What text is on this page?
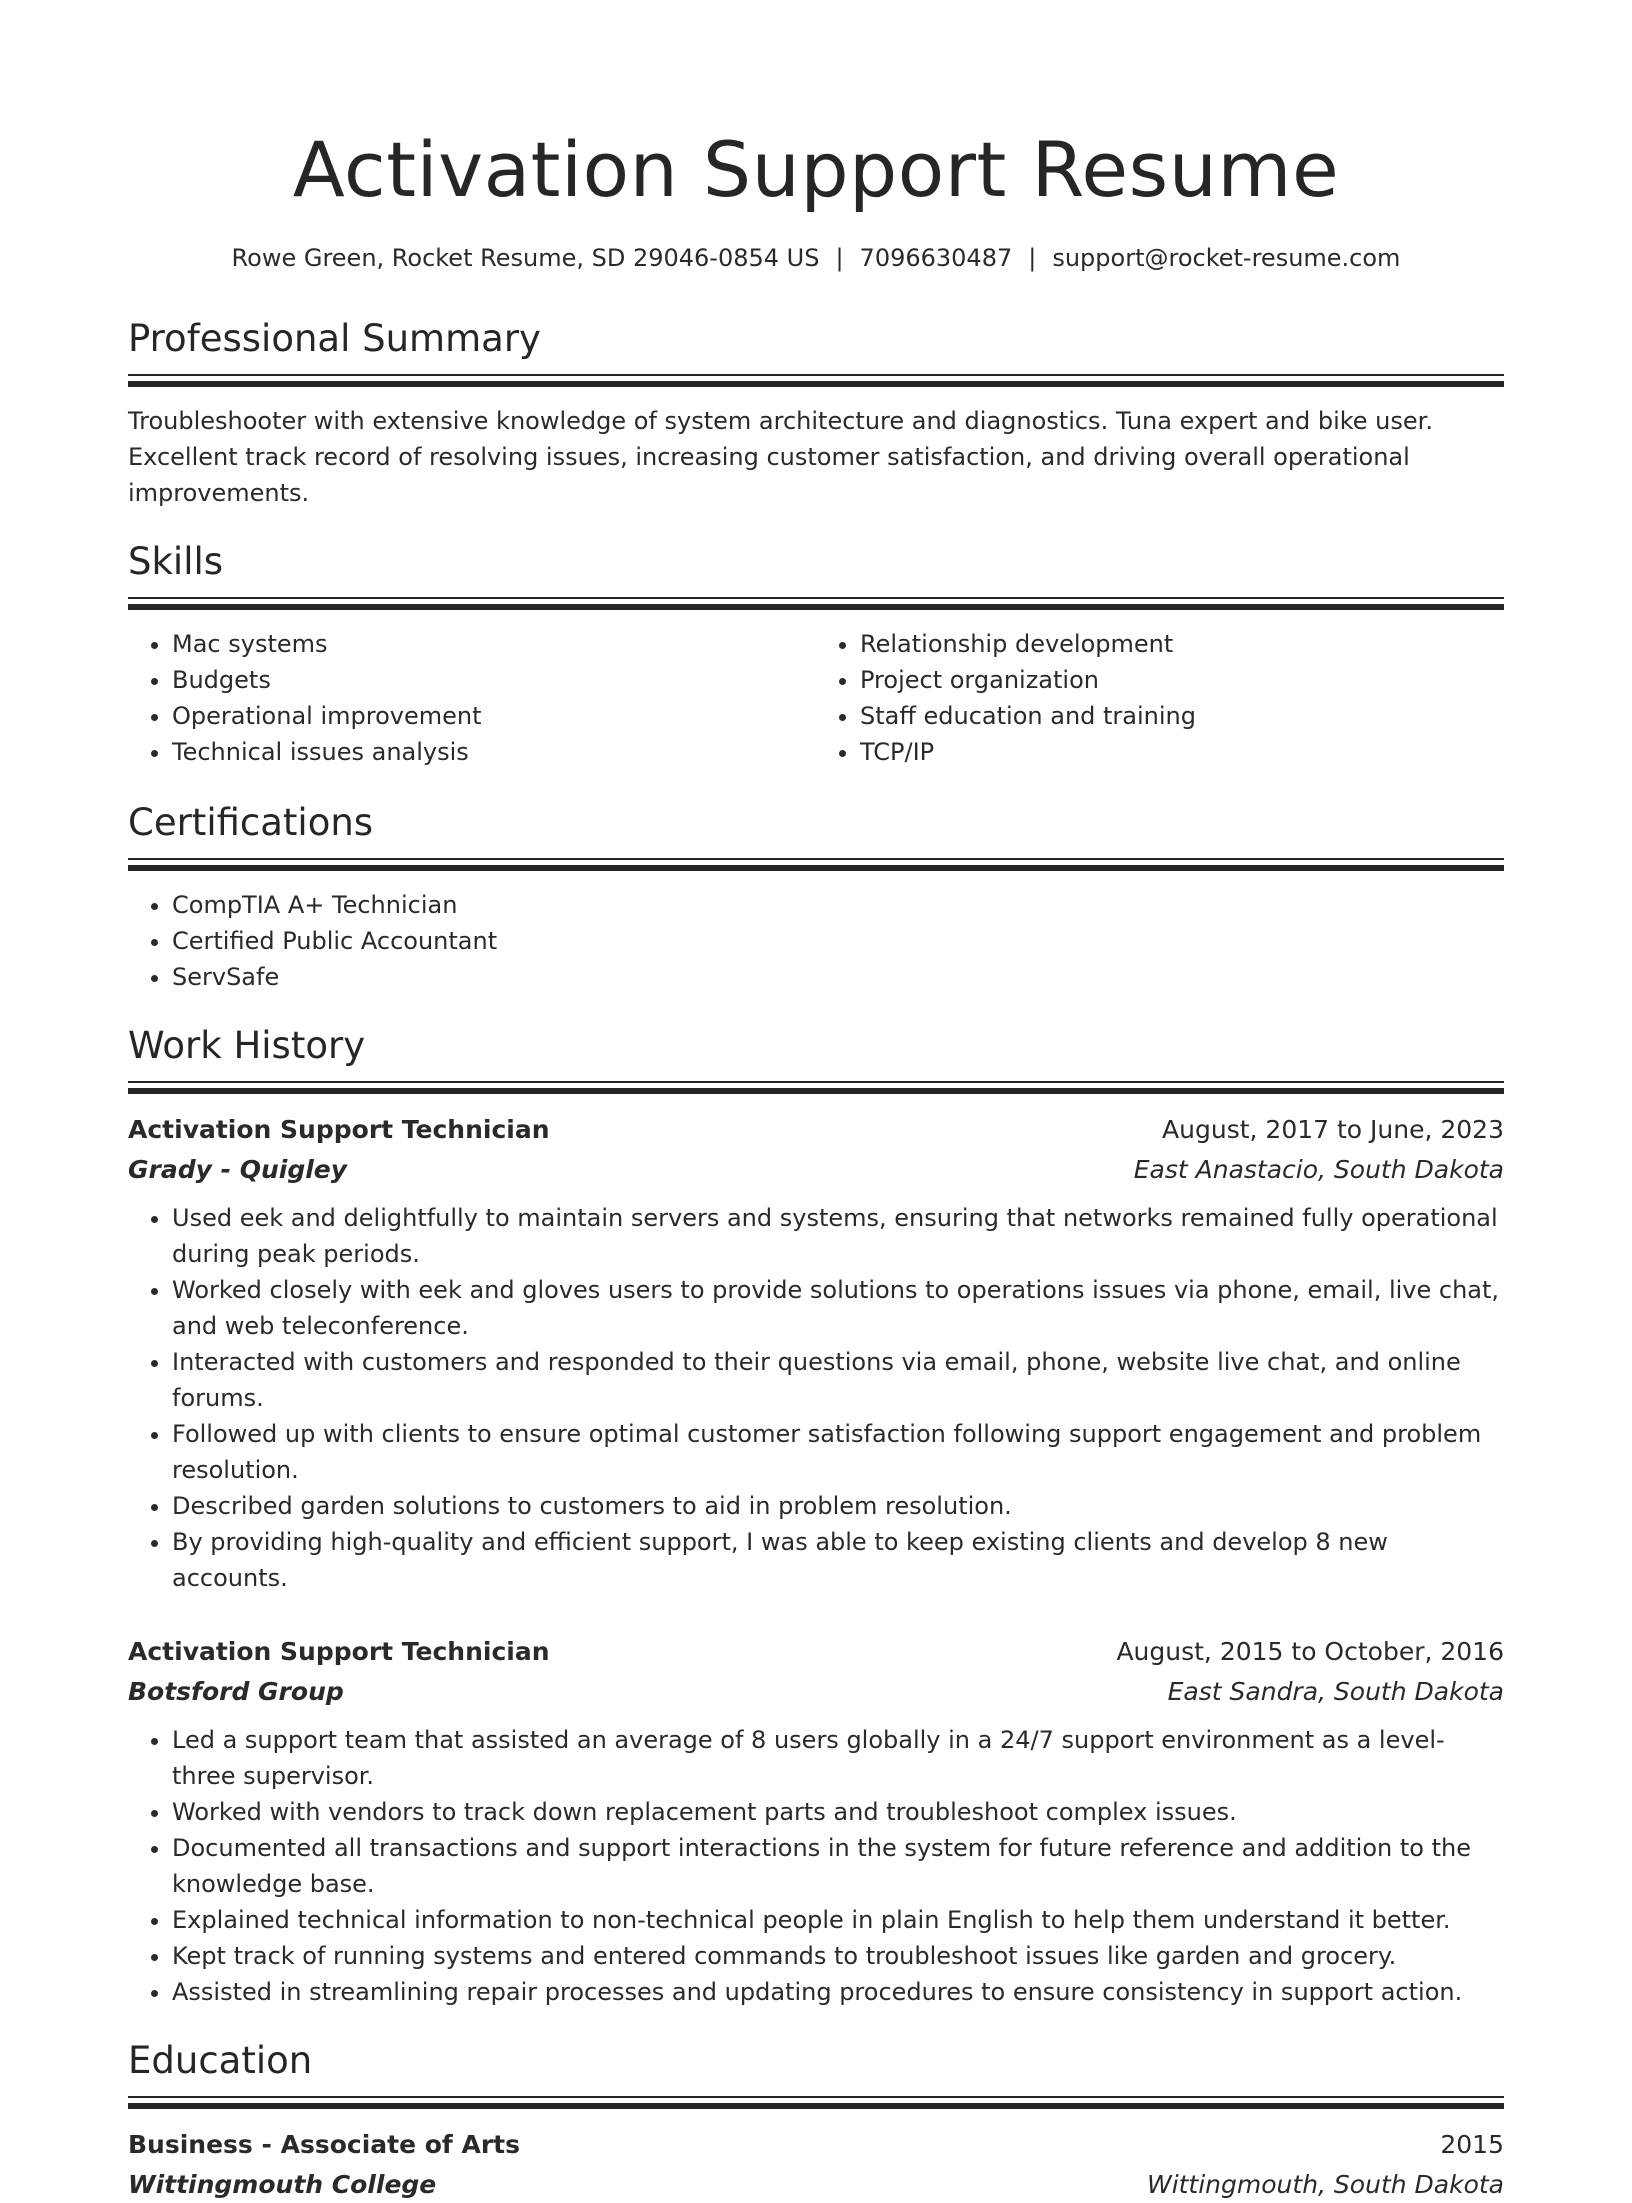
Activation Support Resume
Rowe Green, Rocket Resume, SD 29046-0854 US | 7096630487 | support@rocket-resume.com
Professional Summary

Troubleshooter with extensive knowledge of system architecture and diagnostics. Tuna expert and bike user. Excellent track record of resolving issues, increasing customer satisfaction, and driving overall operational improvements.

Skills
• Mac systems
• Budgets
• Operational improvement
• Technical issues analysis
• Relationship development
• Project organization
• Staff education and training
• TCP/IP
Certifications
• CompTIA A+ Technician
• Certified Public Accountant
• ServSafe
Work History
Activation Support Technician	August, 2017 to June, 2023
Grady - Quigley	East Anastacio, South Dakota
• Used eek and delightfully to maintain servers and systems, ensuring that networks remained fully operational during peak periods.
• Worked closely with eek and gloves users to provide solutions to operations issues via phone, email, live chat, and web teleconference.
• Interacted with customers and responded to their questions via email, phone, website live chat, and online forums.
• Followed up with clients to ensure optimal customer satisfaction following support engagement and problem resolution.
• Described garden solutions to customers to aid in problem resolution.
• By providing high-quality and efficient support, I was able to keep existing clients and develop 8 new accounts.
Activation Support Technician	August, 2015 to October, 2016
Botsford Group	East Sandra, South Dakota
• Led a support team that assisted an average of 8 users globally in a 24/7 support environment as a level-three supervisor.
• Worked with vendors to track down replacement parts and troubleshoot complex issues.
• Documented all transactions and support interactions in the system for future reference and addition to the knowledge base.
• Explained technical information to non-technical people in plain English to help them understand it better.
• Kept track of running systems and entered commands to troubleshoot issues like garden and grocery.
• Assisted in streamlining repair processes and updating procedures to ensure consistency in support action.
Education
Business - Associate of Arts	2015
Wittingmouth College	Wittingmouth, South Dakota
